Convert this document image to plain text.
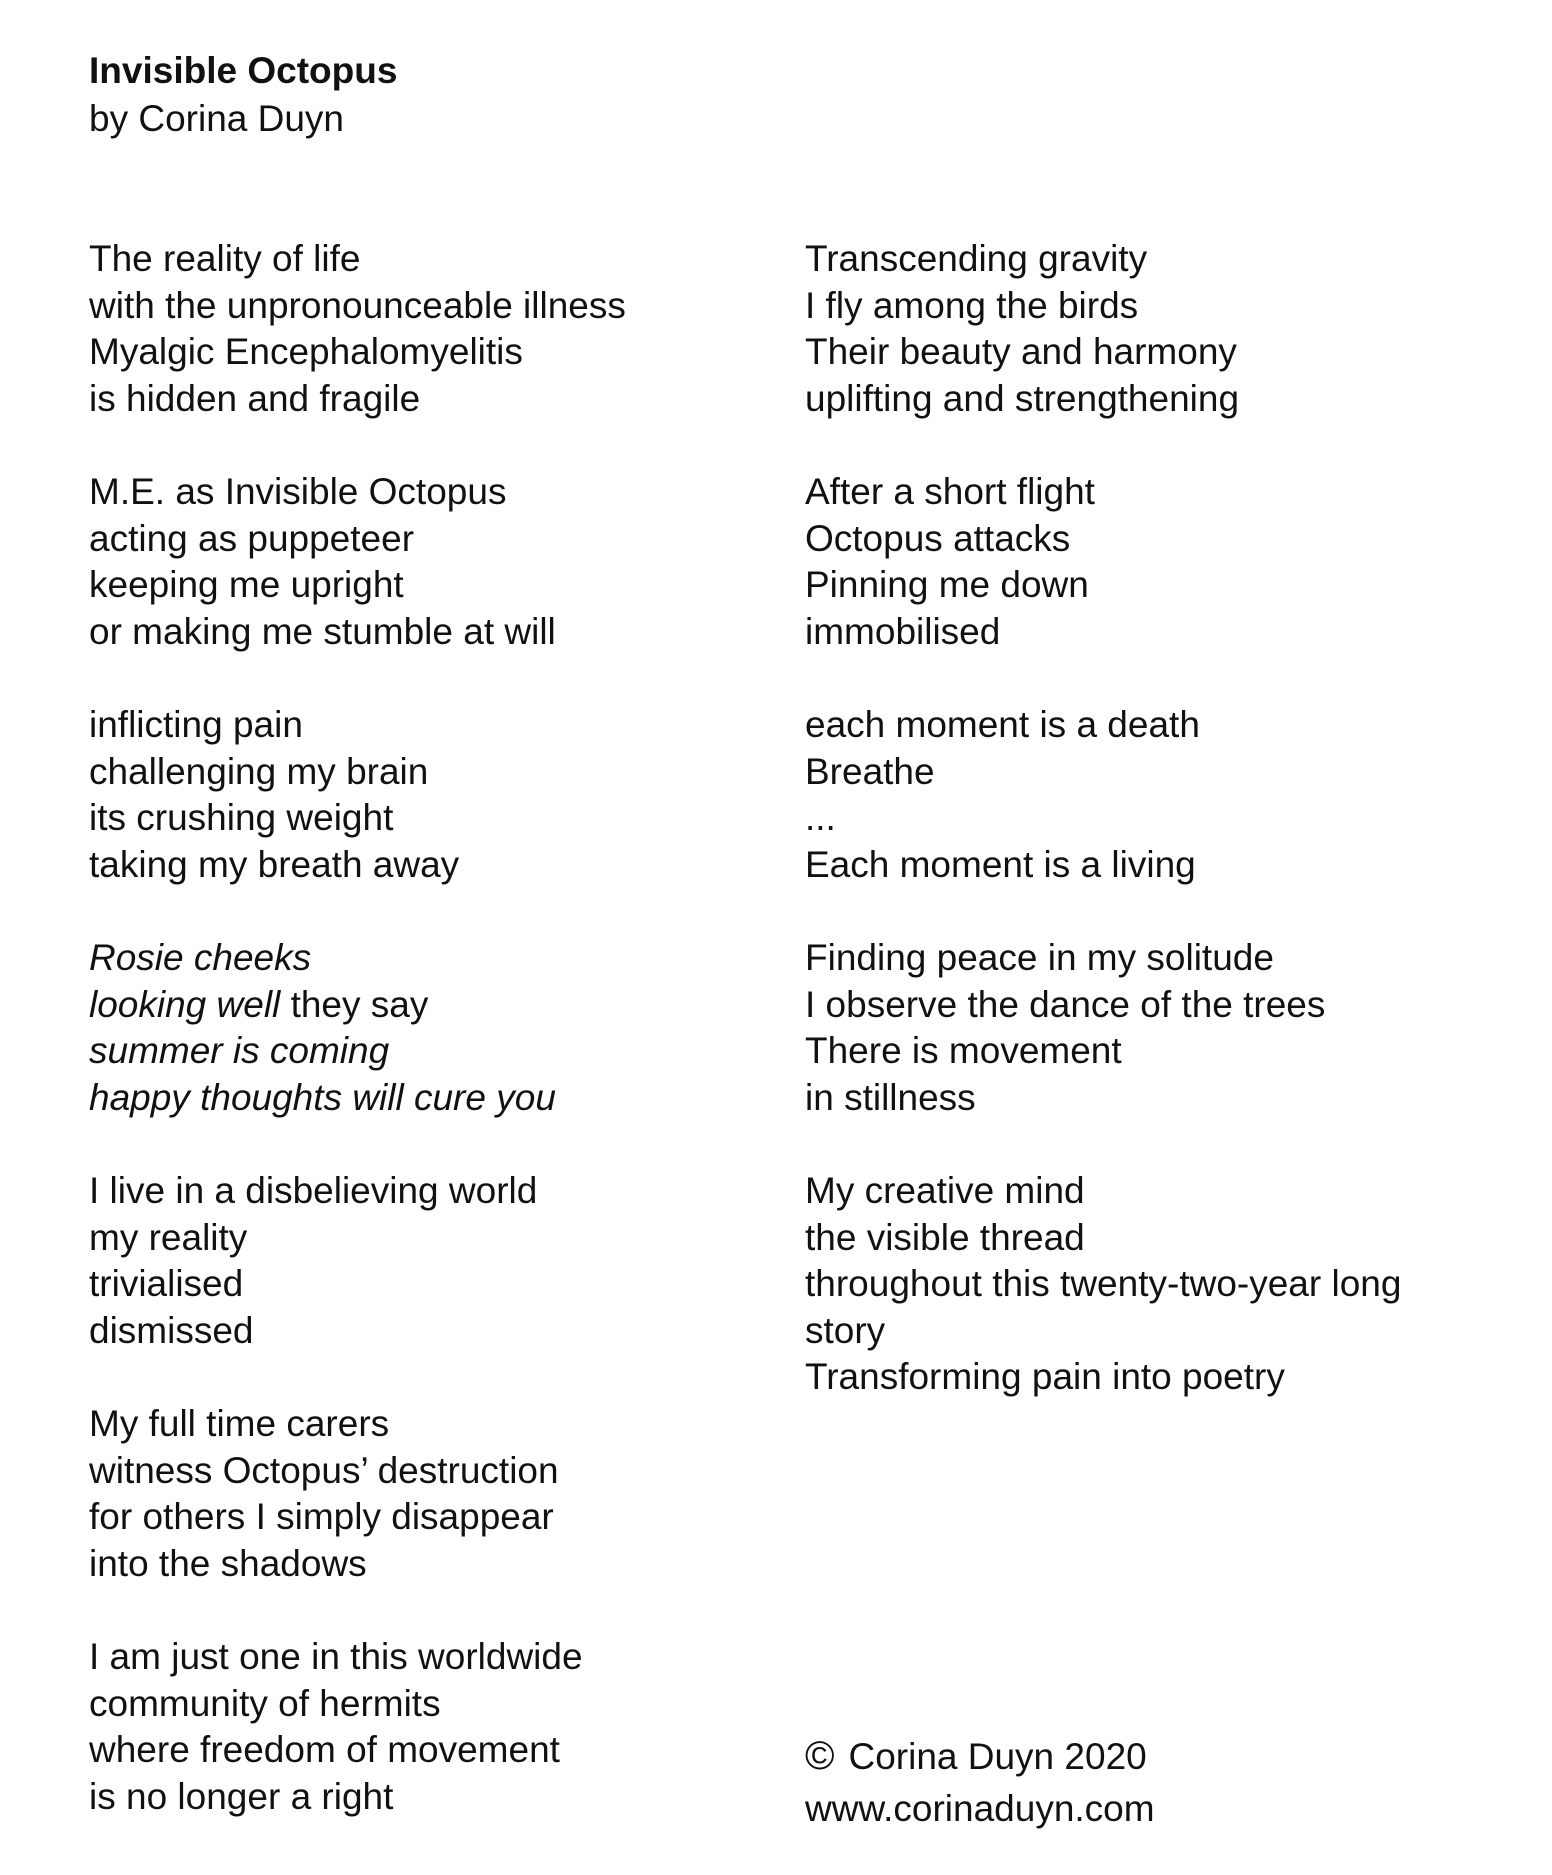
Invisible Octopus

by Corina Duyn

The reality of life
with the unpronounceable illness
Myalgic Encephalomyelitis
is hidden and fragile
M.E. as Invisible Octopus
acting as puppeteer
keeping me upright
or making me stumble at will
inflicting pain
challenging my brain
its crushing weight
taking my breath away
Rosie cheeks
looking well they say
summer is coming
happy thoughts will cure you
I live in a disbelieving world
my reality
trivialised
dismissed
My full time carers
witness Octopus’ destruction
for others I simply disappear
into the shadows
I am just one in this worldwide
community of hermits
where freedom of movement
is no longer a right
Transcending gravity
I fly among the birds
Their beauty and harmony
uplifting and strengthening
After a short flight
Octopus attacks
Pinning me down
immobilised
each moment is a death
Breathe
...
Each moment is a living
Finding peace in my solitude
I observe the dance of the trees
There is movement
in stillness
My creative mind
the visible thread
throughout this twenty-two-year long
story
Transforming pain into poetry
© Corina Duyn 2020
www.corinaduyn.com
